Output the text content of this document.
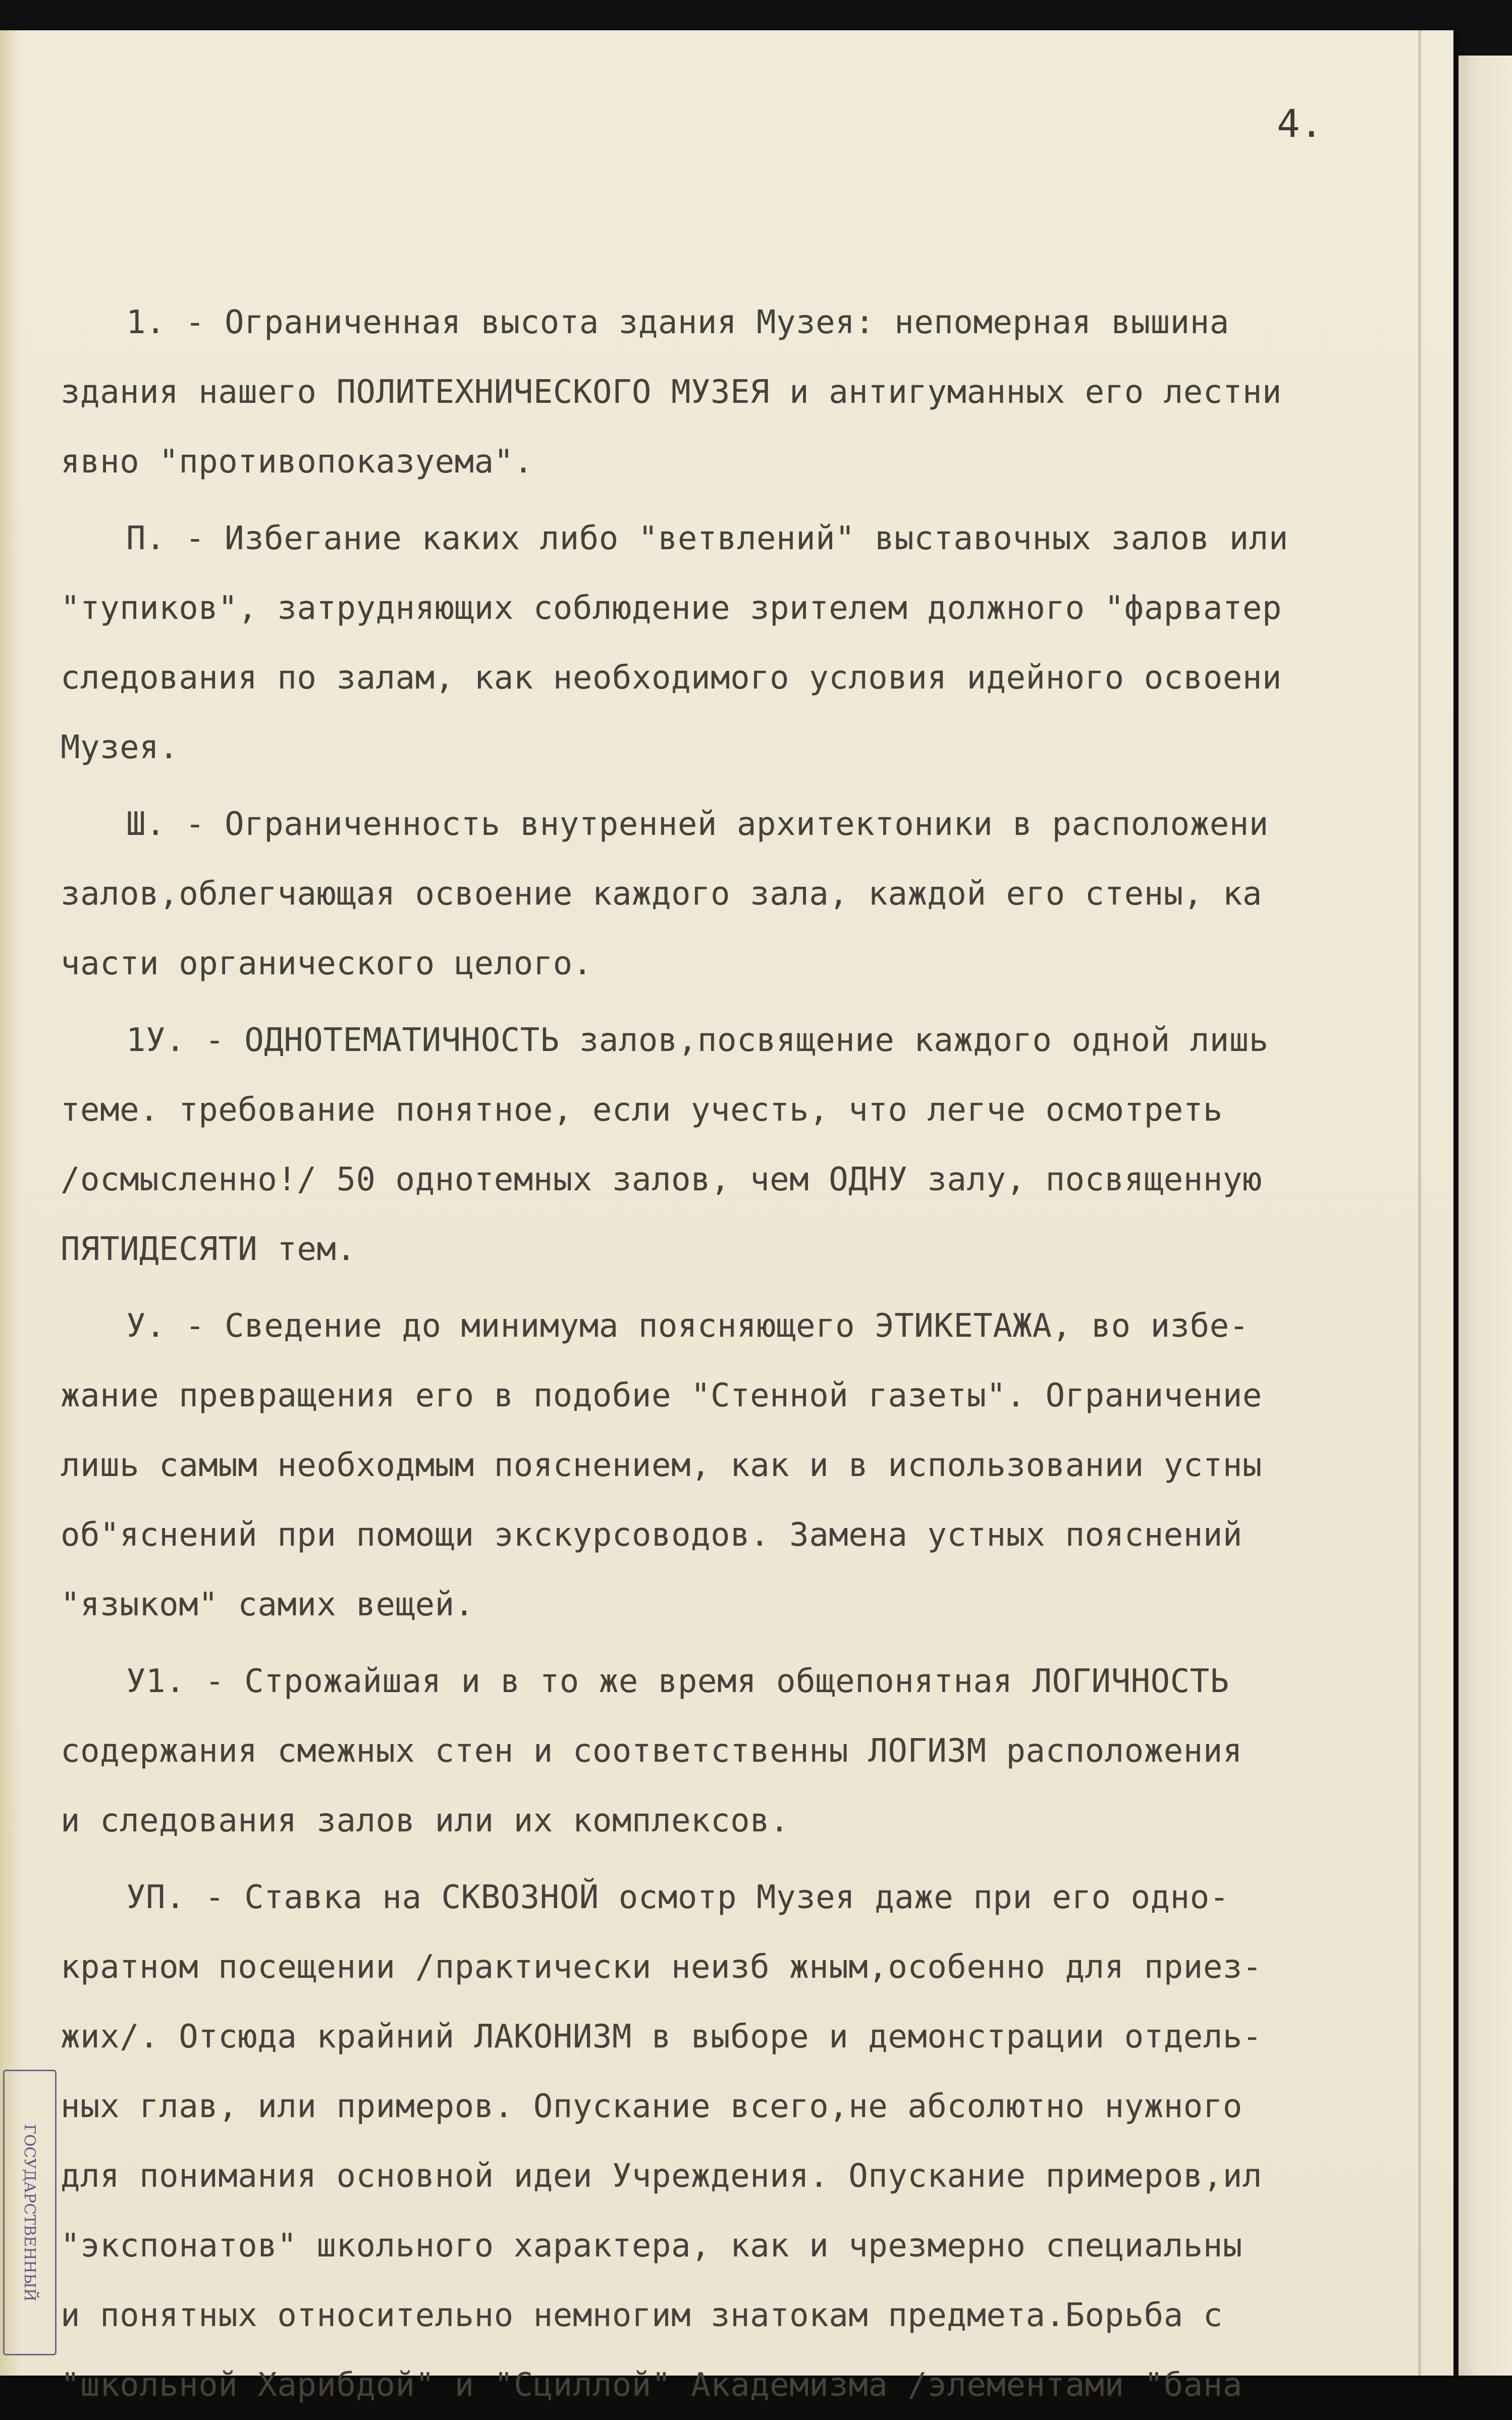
4.
1. - Ограниченная высота здания Музея: непомерная вышина
здания нашего ПОЛИТЕХНИЧЕСКОГО МУЗЕЯ и антигуманных его лестни
явно "противопоказуема".
П. - Избегание каких либо "ветвлений" выставочных залов или
"тупиков", затрудняющих соблюдение зрителем должного "фарватер
следования по залам, как необходимого условия идейного освоени
Музея.
Ш. - Ограниченность внутренней архитектоники в расположени
залов,облегчающая освоение каждого зала, каждой его стены, ка
части органического целого.
1У. - ОДНОТЕМАТИЧНОСТЬ залов,посвящение каждого одной лишь
теме. требование понятное, если учесть, что легче осмотреть
/осмысленно!/ 50 однотемных залов, чем ОДНУ залу, посвященную
ПЯТИДЕСЯТИ тем.
У. - Сведение до минимума поясняющего ЭТИКЕТАЖА, во избе-
жание превращения его в подобие "Стенной газеты". Ограничение
лишь самым необходмым пояснением, как и в использовании устны
об"яснений при помощи экскурсоводов. Замена устных пояснений
"языком" самих вещей.
У1. - Строжайшая и в то же время общепонятная ЛОГИЧНОСТЬ
содержания смежных стен и соответственны ЛОГИЗМ расположения
и следования залов или их комплексов.
УП. - Ставка на СКВОЗНОЙ осмотр Музея даже при его одно-
кратном посещении /практически неизб жным,особенно для приез-
жих/. Отсюда крайний ЛАКОНИЗМ в выборе и демонстрации отдель-
ных глав, или примеров. Опускание всего,не абсолютно нужного
для понимания основной идеи Учреждения. Опускание примеров,ил
"экспонатов" школьного характера, как и чрезмерно специальны
и понятных относительно немногим знатокам предмета.Борьба с
"школьной Харибдой" и "Сциллой" Академизма /элементами "бана
ГОСУДАРСТВЕННЫЙ
